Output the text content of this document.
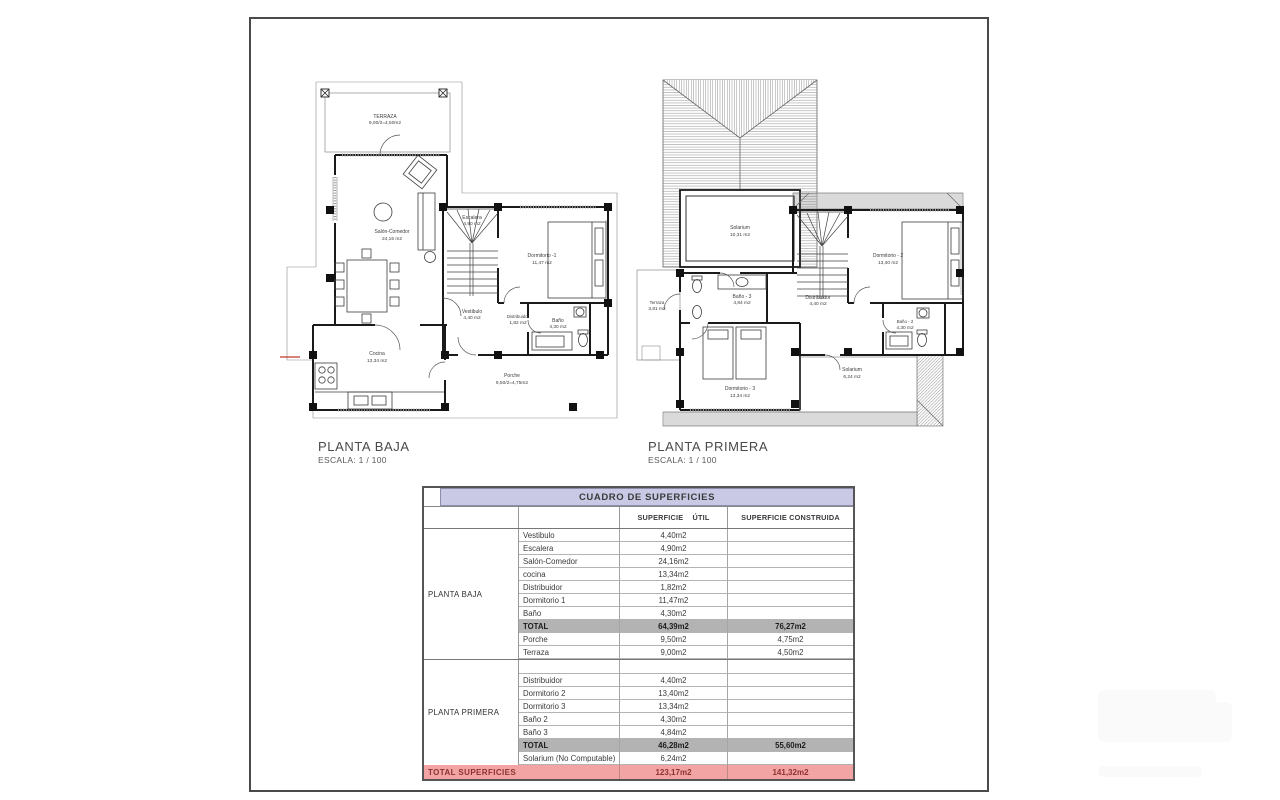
TERRAZA
9,00/2=4,50m2
Salón-Comedor
24,16 m2
Escalera
4,90 m2
Dormitorio -1
11,47 m2
Vestibulo
4,40 m2	Distribuidor
1,82 m2	Baño
4,30 m2
Cocina
13,34 m2
Porche
9,50/2=4,75m2
Solarium
10,31 m2
Dormitorio - 2
13,40 m2
Terraza
3,81 m2
Baño - 3
4,84 m2
Distribuidor
4,40 m2
Baño - 2
4,30 m2
Dormitorio - 3
13,34 m2
Solarium
6,24 m2
PLANTA BAJA
ESCALA: 1 / 100
PLANTA PRIMERA
ESCALA: 1 / 100
CUADRO DE SUPERFICIES
SUPERFICIE ÚTIL	SUPERFICIE CONSTRUIDA
PLANTA BAJA
Vestibulo	4,40m2
Escalera	4,90m2
Salón-Comedor	24,16m2
cocina	13,34m2
Distribuidor	1,82m2
Dormitorio 1	11,47m2
Baño	4,30m2
TOTAL	64,39m2	76,27m2
Porche	9,50m2	4,75m2
Terraza	9,00m2	4,50m2
PLANTA PRIMERA
Distribuidor	4,40m2
Dormitorio 2	13,40m2
Dormitorio 3	13,34m2
Baño 2	4,30m2
Baño 3	4,84m2
TOTAL	46,28m2	55,60m2
Solarium (No Computable)	6,24m2
TOTAL SUPERFICIES	123,17m2	141,32m2
